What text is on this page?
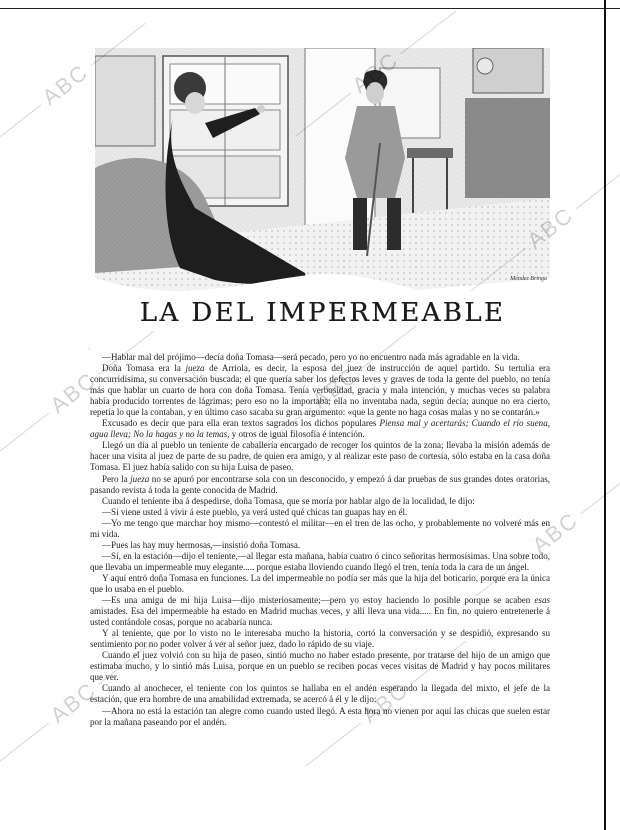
Méndez Bringa
LA DEL IMPERMEABLE
-

—Hablar mal del prójimo—decía doña Tomasa—será pecado, pero yo no encuentro nada más agradable en la vida.

Doña Tomasa era la jueza de Arriola, es decir, la esposa del juez de instrucción de aquel partido. Su tertulia era concurridísima, su conversación buscada; el que quería saber los defectos leves y graves de toda la gente del pueblo, no tenía más que hablar un cuarto de hora con doña Tomasa. Tenía verbosidad, gracia y mala intención, y muchas veces su palabra había producido torrentes de lágrimas; pero eso no la importaba; ella no inventaba nada, según decía; aunque no era cierto, repetía lo que la contaban, y en último caso sacaba su gran argumento: «que la gente no haga cosas malas y no se contarán.»

Excusado es decir que para ella eran textos sagrados los dichos populares Piensa mal y acertarás; Cuando el río suena, agua lleva; No la hagas y no la temas, y otros de igual filosofía é intención.

Llegó un día al pueblo un teniente de caballería encargado de recoger los quintos de la zona; llevaba la misión además de hacer una visita al juez de parte de su padre, de quien era amigo, y al realizar este paso de cortesía, sólo estaba en la casa doña Tomasa. El juez había salido con su hija Luisa de paseo.

Pero la jueza no se apuró por encontrarse sola con un desconocido, y empezó á dar pruebas de sus grandes dotes oratorias, pasando revista á toda la gente conocida de Madrid.

Cuando el teniente iba á despedirse, doña Tomasa, que se moría por hablar algo de la localidad, le dijo:

—Si viene usted á vivir á este pueblo, ya verá usted qué chicas tan guapas hay en él.

—Yo me tengo que marchar hoy mismo—contestó el militar—en el tren de las ocho, y probablemente no volveré más en mi vida.

—Pues las hay muy hermosas,—insistió doña Tomasa.

—Sí, en la estación—dijo el teniente,—al llegar esta mañana, había cuatro ó cinco señoritas hermosísimas. Una sobre todo, que llevaba un impermeable muy elegante..... porque estaba lloviendo cuando llegó el tren, tenía toda la cara de un ángel.

Y aquí entró doña Tomasa en funciones. La del impermeable no podía ser más que la hija del boticario, porque era la única que lo usaba en el pueblo.

—Es una amiga de mi hija Luisa—dijo misteriosamente;—pero yo estoy haciendo lo posible porque se acaben esas amistades. Esa del impermeable ha estado en Madrid muchas veces, y allí lleva una vida..... En fin, no quiero entretenerle á usted contándole cosas, porque no acabaría nunca.

Y al teniente, que por lo visto no le interesaba mucho la historia, cortó la conversación y se despidió, expresando su sentimiento por no poder volver á ver al señor juez, dado lo rápido de su viaje.

Cuando el juez volvió con su hija de paseo, sintió mucho no haber estado presente, por tratarse del hijo de un amigo que estimaba mucho, y lo sintió más Luisa, porque en un pueblo se reciben pocas veces visitas de Madrid y hay pocos militares que ver.

Cuando al anochecer, el teniente con los quintos se hallaba en el andén esperando la llegada del mixto, el jefe de la estación, que era hombre de una amabilidad extremada, se acercó á él y le dijo:

—Ahora no está la estación tan alegre como cuando usted llegó. A esta hora no vienen por aquí las chicas que suelen estar por la mañana paseando por el andén.

ABC
ABC
ABC	ABC
ABC
ABC	ABC
